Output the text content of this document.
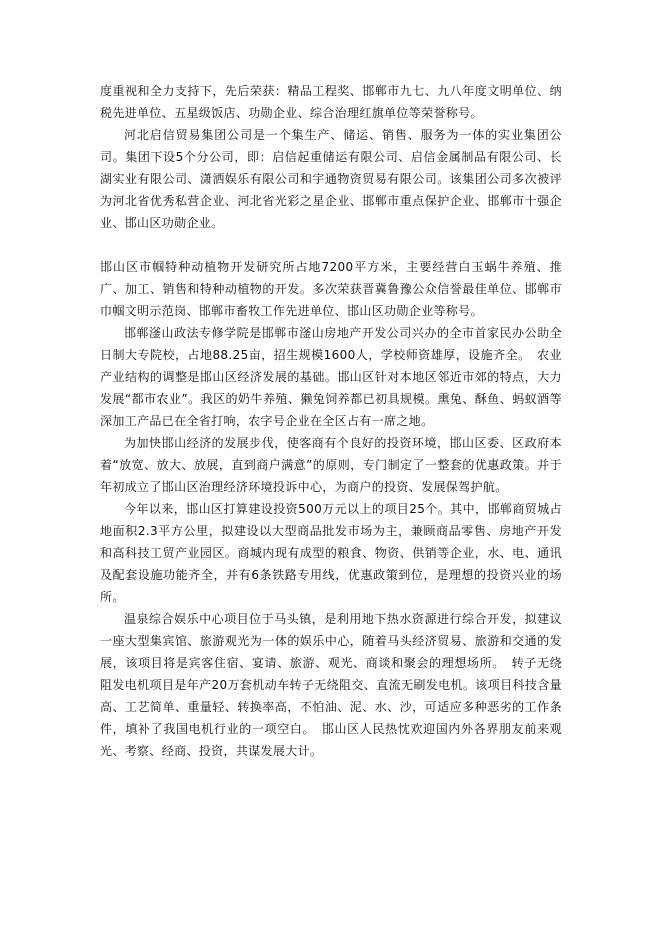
度重视和全力支持下，先后荣获：精品工程奖、邯郸市九七、九八年度文明单位、纳税先进单位、五星级饭店、功勋企业、综合治理红旗单位等荣誉称号。

河北启信贸易集团公司是一个集生产、储运、销售、服务为一体的实业集团公司。集团下设5个分公司，即：启信起重储运有限公司、启信金属制品有限公司、长湖实业有限公司、潇洒娱乐有限公司和宇通物资贸易有限公司。该集团公司多次被评为河北省优秀私营企业、河北省光彩之星企业、邯郸市重点保护企业、邯郸市十强企业、邯山区功勋企业。

邯山区市帼特种动植物开发研究所占地7200平方米，主要经营白玉蜗牛养殖、推广、加工、销售和特种动植物的开发。多次荣获晋冀鲁豫公众信誉最佳单位、邯郸市巾帼文明示范岗、邯郸市畜牧工作先进单位、邯山区功勋企业等称号。

邯郸滏山政法专修学院是邯郸市滏山房地产开发公司兴办的全市首家民办公助全日制大专院校，占地88.25亩，招生规模1600人，学校师资雄厚，设施齐全。　农业产业结构的调整是邯山区经济发展的基础。邯山区针对本地区邻近市郊的特点，大力发展“都市农业”。我区的奶牛养殖、獭兔饲养都已初具规模。熏兔、酥鱼、蚂蚁酒等深加工产品已在全省打响，农字号企业在全区占有一席之地。

为加快邯山经济的发展步伐，使客商有个良好的投资环境，邯山区委、区政府本着“放宽、放大、放展，直到商户满意”的原则，专门制定了一整套的优惠政策。并于年初成立了邯山区治理经济环境投诉中心，为商户的投资、发展保驾护航。

今年以来，邯山区打算建设投资500万元以上的项目25个。其中，邯郸商贸城占地面积2.3平方公里，拟建设以大型商品批发市场为主，兼顾商品零售、房地产开发和高科技工贸产业园区。商城内现有成型的粮食、物资、供销等企业，水、电、通讯及配套设施功能齐全，并有6条铁路专用线，优惠政策到位，是理想的投资兴业的场所。

温泉综合娱乐中心项目位于马头镇，是利用地下热水资源进行综合开发，拟建议一座大型集宾馆、旅游观光为一体的娱乐中心，随着马头经济贸易、旅游和交通的发展，该项目将是宾客住宿、宴请、旅游、观光、商谈和聚会的理想场所。　转子无绕阻发电机项目是年产20万套机动车转子无绕阻交、直流无刷发电机。该项目科技含量高、工艺简单、重量轻、转换率高，不怕油、泥、水、沙，可适应多种恶劣的工作条件，填补了我国电机行业的一项空白。　邯山区人民热忱欢迎国内外各界朋友前来观光、考察、经商、投资，共谋发展大计。
